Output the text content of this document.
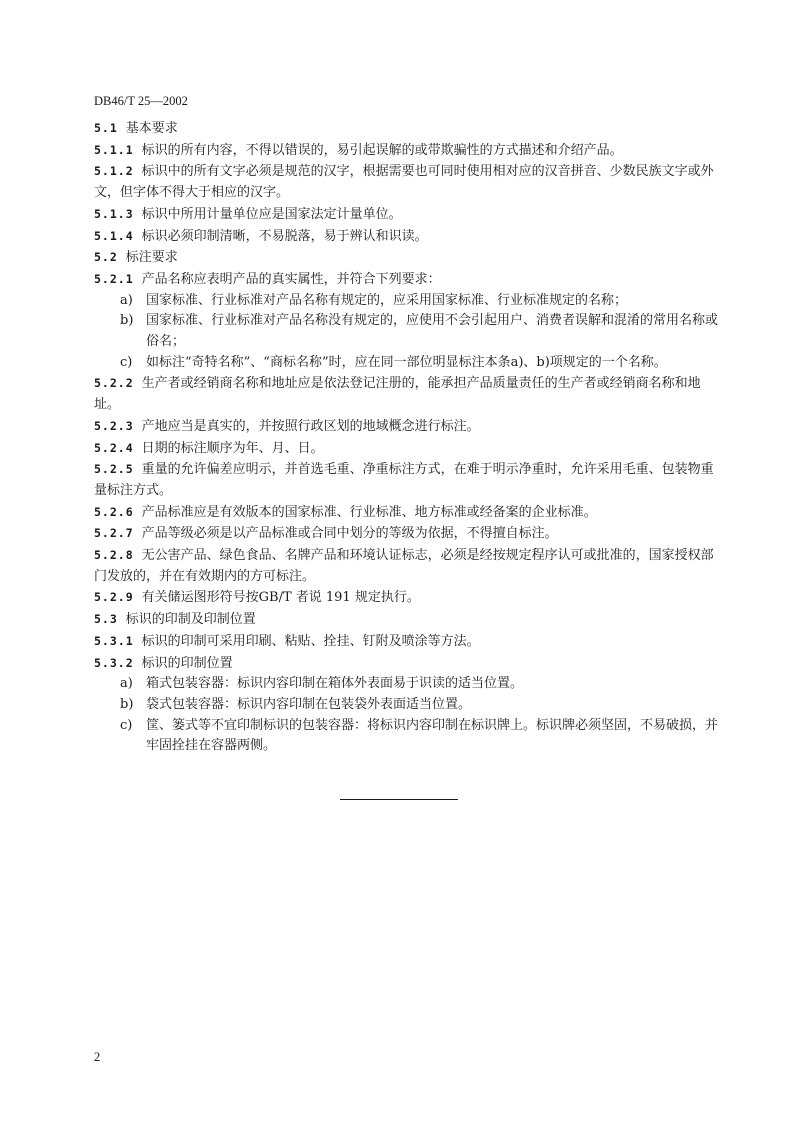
DB46/T 25—2002
5.1 基本要求
5.1.1 标识的所有内容，不得以错误的，易引起误解的或带欺骗性的方式描述和介绍产品。
5.1.2 标识中的所有文字必须是规范的汉字，根据需要也可同时使用相对应的汉音拼音、少数民族文字或外文，但字体不得大于相应的汉字。
5.1.3 标识中所用计量单位应是国家法定计量单位。
5.1.4 标识必须印制清晰，不易脱落，易于辨认和识读。
5.2 标注要求
5.2.1 产品名称应表明产品的真实属性，并符合下列要求：
a) 国家标准、行业标准对产品名称有规定的，应采用国家标准、行业标准规定的名称；
b) 国家标准、行业标准对产品名称没有规定的，应使用不会引起用户、消费者误解和混淆的常用名称或俗名；
c) 如标注“奇特名称”、“商标名称”时，应在同一部位明显标注本条a)、b)项规定的一个名称。
5.2.2 生产者或经销商名称和地址应是依法登记注册的，能承担产品质量责任的生产者或经销商名称和地址。
5.2.3 产地应当是真实的，并按照行政区划的地域概念进行标注。
5.2.4 日期的标注顺序为年、月、日。
5.2.5 重量的允许偏差应明示，并首选毛重、净重标注方式，在难于明示净重时，允许采用毛重、包装物重量标注方式。
5.2.6 产品标准应是有效版本的国家标准、行业标准、地方标准或经备案的企业标准。
5.2.7 产品等级必须是以产品标准或合同中划分的等级为依据，不得擅自标注。
5.2.8 无公害产品、绿色食品、名牌产品和环境认证标志，必须是经按规定程序认可或批准的，国家授权部门发放的，并在有效期内的方可标注。
5.2.9 有关储运图形符号按GB/T 者说 191 规定执行。
5.3 标识的印制及印制位置
5.3.1 标识的印制可采用印刷、粘贴、拴挂、钉附及喷涂等方法。
5.3.2 标识的印制位置
a) 箱式包装容器：标识内容印制在箱体外表面易于识读的适当位置。
b) 袋式包装容器：标识内容印制在包装袋外表面适当位置。
c) 筐、篓式等不宜印制标识的包装容器：将标识内容印制在标识牌上。标识牌必须坚固，不易破损，并牢固拴挂在容器两侧。
2
